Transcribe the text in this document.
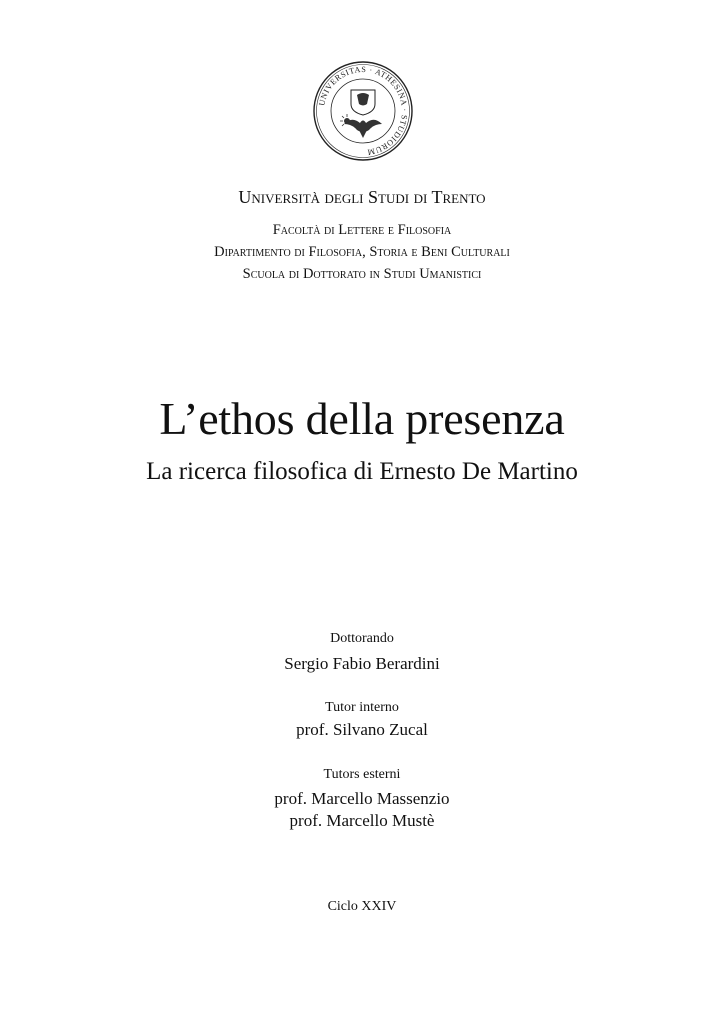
UNIVERSITAS · ATHESINA · STUDIORUM
Università degli Studi di Trento
Facoltà di Lettere e Filosofia
Dipartimento di Filosofia, Storia e Beni Culturali
Scuola di Dottorato in Studi Umanistici
L’ethos della presenza
La ricerca filosofica di Ernesto De Martino
Dottorando
Sergio Fabio Berardini
Tutor interno
prof. Silvano Zucal
Tutors esterni
prof. Marcello Massenzio
prof. Marcello Mustè
Ciclo XXIV
